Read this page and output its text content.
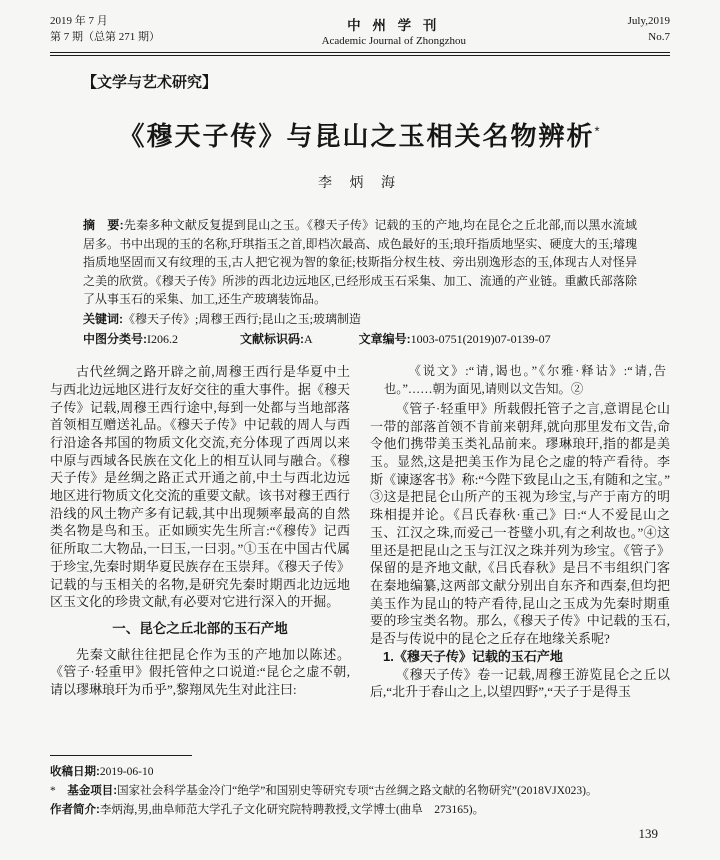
2019 年 7 月
第 7 期（总第 271 期）
中 州 学 刊
Academic Journal of Zhongzhou
July,2019
No.7
【文学与艺术研究】
《穆天子传》与昆山之玉相关名物辨析*
李 炳 海
摘　要:先秦多种文献反复提到昆山之玉。《穆天子传》记载的玉的产地,均在昆仑之丘北部,而以黑水流域居多。书中出现的玉的名称,玗琪指玉之首,即档次最高、成色最好的玉;琅玕指质地坚实、硬度大的玉;璿瑰指质地坚固而又有纹理的玉,古人把它视为智的象征;枝斯指分杈生枝、旁出别逸形态的玉,体现古人对怪异之美的欣赏。《穆天子传》所涉的西北边远地区,已经形成玉石采集、加工、流通的产业链。重䲣氏部落除了从事玉石的采集、加工,还生产玻璃装饰品。
关键词:《穆天子传》;周穆王西行;昆山之玉;玻璃制造
中图分类号:I206.2	文献标识码:A	文章编号:1003-0751(2019)07-0139-07

古代丝绸之路开辟之前,周穆王西行是华夏中土与西北边远地区进行友好交往的重大事件。据《穆天子传》记载,周穆王西行途中,每到一处都与当地部落首领相互赠送礼品。《穆天子传》中记载的周人与西行沿途各邦国的物质文化交流,充分体现了西周以来中原与西域各民族在文化上的相互认同与融合。《穆天子传》是丝绸之路正式开通之前,中土与西北边远地区进行物质文化交流的重要文献。该书对穆王西行沿线的风土物产多有记载,其中出现频率最高的自然类名物是鸟和玉。正如顾实先生所言:“《穆传》记西征所取二大物品,一曰玉,一曰羽。”①玉在中国古代属于珍宝,先秦时期华夏民族存在玉崇拜。《穆天子传》记载的与玉相关的名物,是研究先秦时期西北边远地区玉文化的珍贵文献,有必要对它进行深入的开掘。

一、昆仑之丘北部的玉石产地

先秦文献往往把昆仑作为玉的产地加以陈述。《管子·轻重甲》假托管仲之口说道:“昆仑之虚不朝,请以璆琳琅玕为币乎”,黎翔凤先生对此注曰:

《说文》:“请,谒也。”《尔雅·释诂》:“请,告也。”……朝为面见,请则以文告知。②

《管子·轻重甲》所载假托管子之言,意谓昆仑山一带的部落首领不肯前来朝拜,就向那里发布文告,命令他们携带美玉类礼品前来。璆琳琅玕,指的都是美玉。显然,这是把美玉作为昆仑之虚的特产看待。李斯《谏逐客书》称:“今陛下致昆山之玉,有随和之宝。”③这是把昆仑山所产的玉视为珍宝,与产于南方的明珠相提并论。《吕氏春秋·重己》曰:“人不爱昆山之玉、江汉之珠,而爱己一苍璧小玑,有之利故也。”④这里还是把昆山之玉与江汉之珠并列为珍宝。《管子》保留的是齐地文献,《吕氏春秋》是吕不韦组织门客在秦地编纂,这两部文献分别出自东齐和西秦,但均把美玉作为昆山的特产看待,昆山之玉成为先秦时期重要的珍宝类名物。那么,《穆天子传》中记载的玉石,是否与传说中的昆仑之丘存在地缘关系呢?

1.《穆天子传》记载的玉石产地

《穆天子传》卷一记载,周穆王游览昆仑之丘以后,“北升于舂山之上,以望四野”,“天子于是得玉

收稿日期:2019-06-10
*　 基金项目:国家社会科学基金冷门“绝学”和国别史等研究专项“古丝绸之路文献的名物研究”(2018VJX023)。
作者简介:李炳海,男,曲阜师范大学孔子文化研究院特聘教授,文学博士(曲阜　273165)。
139
